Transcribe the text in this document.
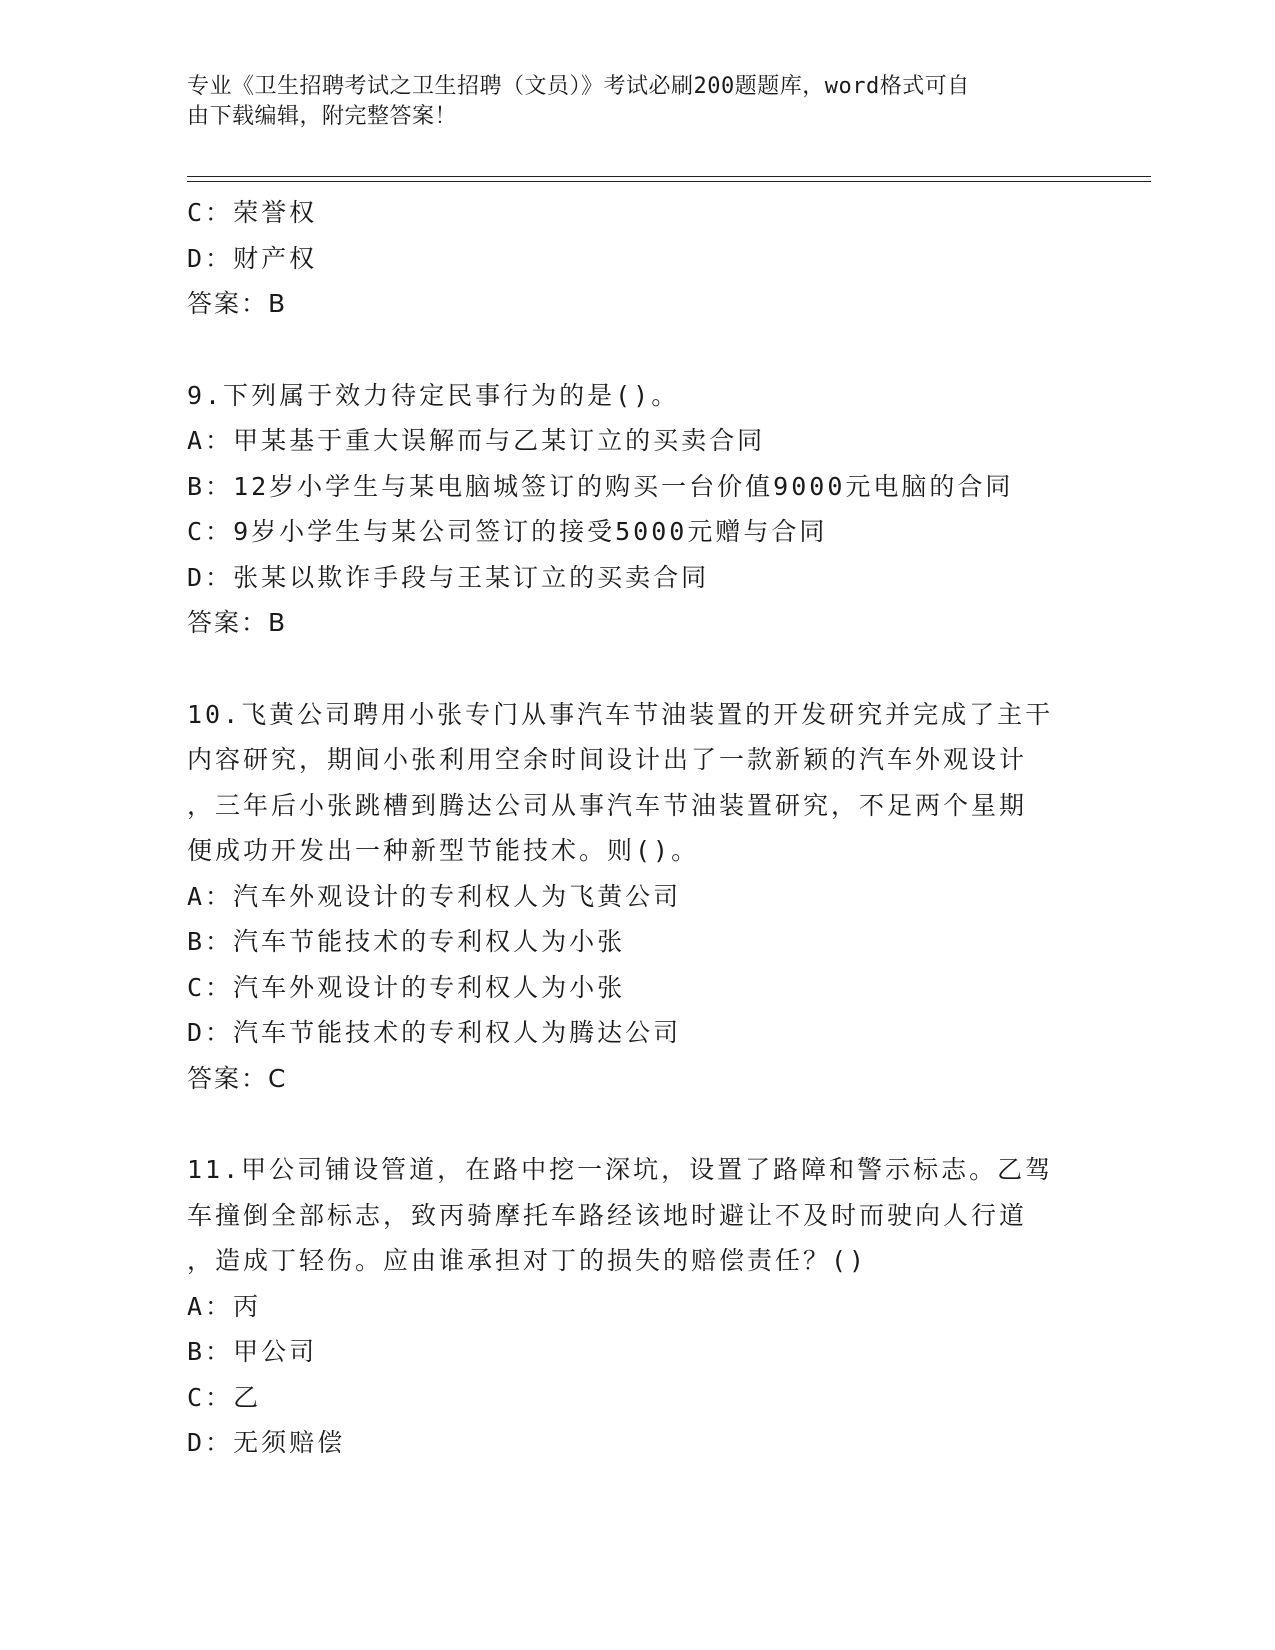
专业《卫生招聘考试之卫生招聘（文员）》考试必刷200题题库，word格式可自
由下载编辑，附完整答案！
C：荣誉权
D：财产权
答案：B
9.下列属于效力待定民事行为的是()。
A：甲某基于重大误解而与乙某订立的买卖合同
B：12岁小学生与某电脑城签订的购买一台价值9000元电脑的合同
C：9岁小学生与某公司签订的接受5000元赠与合同
D：张某以欺诈手段与王某订立的买卖合同
答案：B
10.飞黄公司聘用小张专门从事汽车节油装置的开发研究并完成了主干
内容研究，期间小张利用空余时间设计出了一款新颖的汽车外观设计
，三年后小张跳槽到腾达公司从事汽车节油装置研究，不足两个星期
便成功开发出一种新型节能技术。则()。
A：汽车外观设计的专利权人为飞黄公司
B：汽车节能技术的专利权人为小张
C：汽车外观设计的专利权人为小张
D：汽车节能技术的专利权人为腾达公司
答案：C
11.甲公司铺设管道，在路中挖一深坑，设置了路障和警示标志。乙驾
车撞倒全部标志，致丙骑摩托车路经该地时避让不及时而驶向人行道
，造成丁轻伤。应由谁承担对丁的损失的赔偿责任？()
A：丙
B：甲公司
C：乙
D：无须赔偿
